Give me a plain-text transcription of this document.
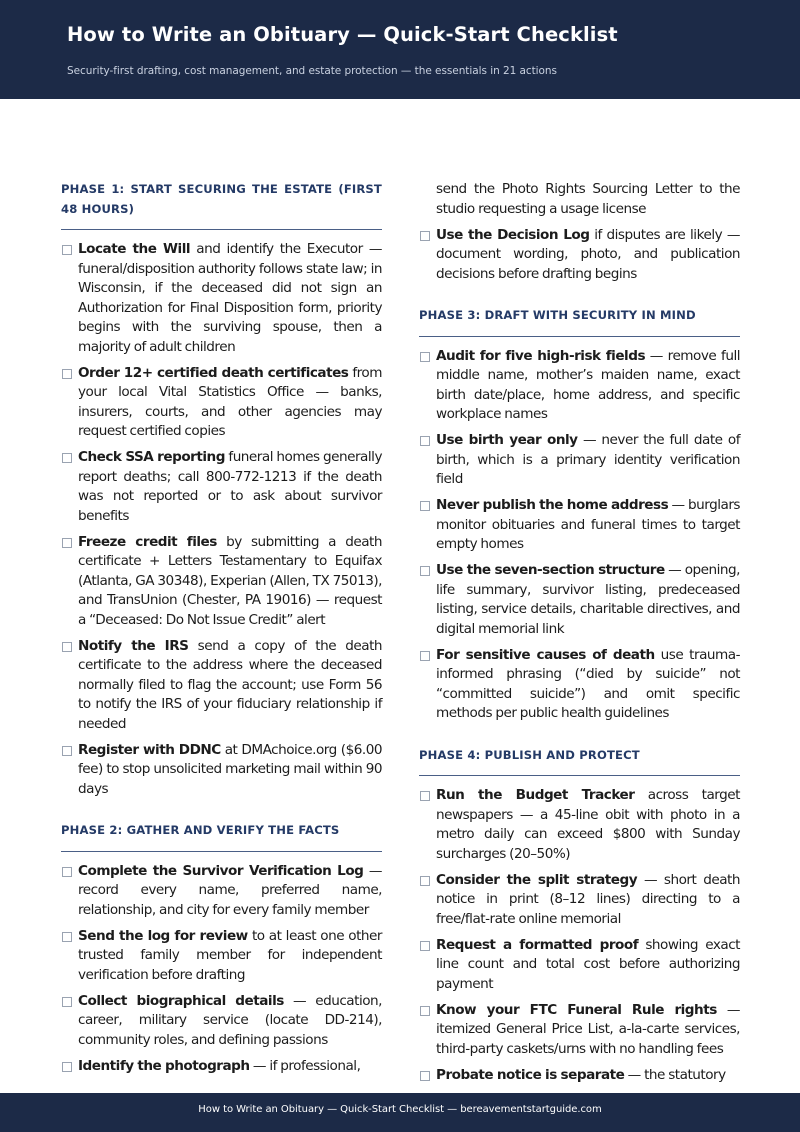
How to Write an Obituary — Quick-Start Checklist
Security-first drafting, cost management, and estate protection — the essentials in 21 actions
PHASE 1: START SECURING THE ESTATE (FIRST 48 HOURS)
Locate the Will and identify the Executor — funeral/disposition authority follows state law; in Wisconsin, if the deceased did not sign an Authorization for Final Disposition form, priority begins with the surviving spouse, then a majority of adult children
Order 12+ certified death certificates from your local Vital Statistics Office — banks, insurers, courts, and other agencies may request certified copies
Check SSA reporting funeral homes generally report deaths; call 800-772-1213 if the death was not reported or to ask about survivor benefits
Freeze credit files by submitting a death certificate + Letters Testamentary to Equifax (Atlanta, GA 30348), Experian (Allen, TX 75013), and TransUnion (Chester, PA 19016) — request a “Deceased: Do Not Issue Credit” alert
Notify the IRS send a copy of the death certificate to the address where the deceased normally filed to flag the account; use Form 56 to notify the IRS of your fiduciary relationship if needed
Register with DDNC at DMAchoice.org ($6.00 fee) to stop unsolicited marketing mail within 90 days
PHASE 2: GATHER AND VERIFY THE FACTS
Complete the Survivor Verification Log — record every name, preferred name, relationship, and city for every family member
Send the log for review to at least one other trusted family member for independent verification before drafting
Collect biographical details — education, career, military service (locate DD-214), community roles, and defining passions
Identify the photograph — if professional,
send the Photo Rights Sourcing Letter to the studio requesting a usage license
Use the Decision Log if disputes are likely — document wording, photo, and publication decisions before drafting begins
PHASE 3: DRAFT WITH SECURITY IN MIND
Audit for five high-risk fields — remove full middle name, mother’s maiden name, exact birth date/place, home address, and specific workplace names
Use birth year only — never the full date of birth, which is a primary identity verification field
Never publish the home address — burglars monitor obituaries and funeral times to target empty homes
Use the seven-section structure — opening, life summary, survivor listing, predeceased listing, service details, charitable directives, and digital memorial link
For sensitive causes of death use trauma-informed phrasing (“died by suicide” not “committed suicide”) and omit specific methods per public health guidelines
PHASE 4: PUBLISH AND PROTECT
Run the Budget Tracker across target newspapers — a 45-line obit with photo in a metro daily can exceed $800 with Sunday surcharges (20–50%)
Consider the split strategy — short death notice in print (8–12 lines) directing to a free/flat-rate online memorial
Request a formatted proof showing exact line count and total cost before authorizing payment
Know your FTC Funeral Rule rights — itemized General Price List, a-la-carte services, third-party caskets/urns with no handling fees
Probate notice is separate — the statutory
How to Write an Obituary — Quick-Start Checklist — bereavementstartguide.com
